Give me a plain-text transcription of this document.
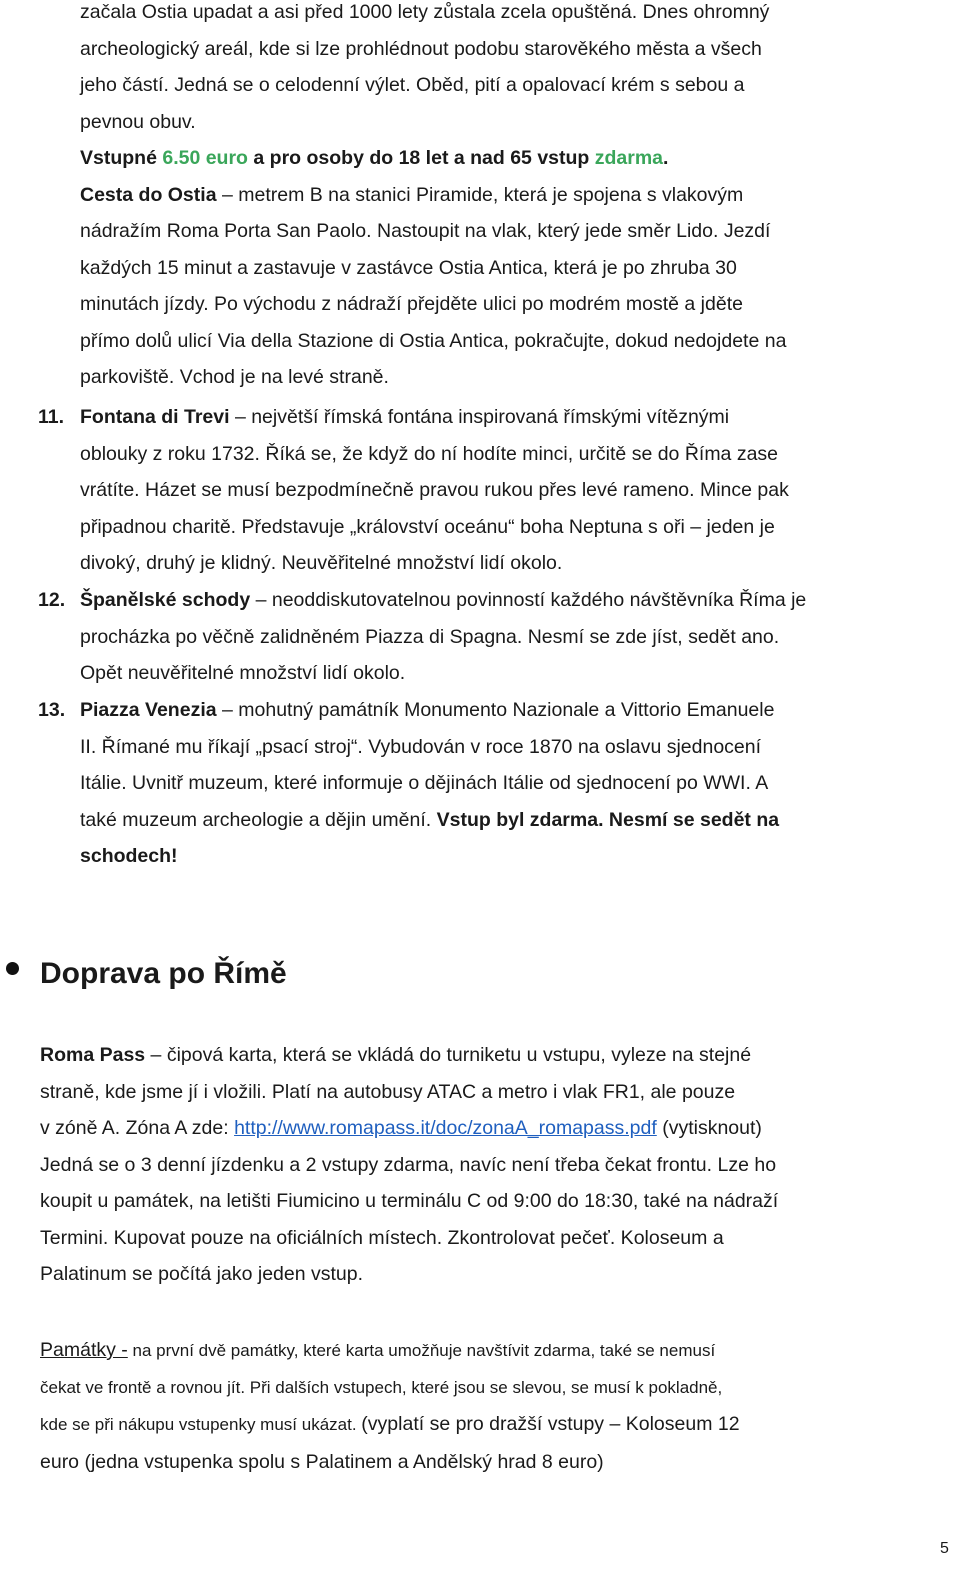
začala Ostia upadat a asi před 1000 lety zůstala zcela opuštěná. Dnes ohromný
archeologický areál, kde si lze prohlédnout podobu starověkého města a všech
jeho částí. Jedná se o celodenní výlet. Oběd, pití a opalovací krém s sebou a
pevnou obuv.
Vstupné 6.50 euro a pro osoby do 18 let a nad 65 vstup zdarma.
Cesta do Ostia – metrem B na stanici Piramide, která je spojena s vlakovým
nádražím Roma Porta San Paolo. Nastoupit na vlak, který jede směr Lido. Jezdí
každých 15 minut a zastavuje v zastávce Ostia Antica, která je po zhruba 30
minutách jízdy. Po východu z nádraží přejděte ulici po modrém mostě a jděte
přímo dolů ulicí Via della Stazione di Ostia Antica, pokračujte, dokud nedojdete na
parkoviště. Vchod je na levé straně.
11. Fontana di Trevi – největší římská fontána inspirovaná římskými vítěznými
oblouky z roku 1732. Říká se, že když do ní hodíte minci, určitě se do Říma zase
vrátíte. Házet se musí bezpodmínečně pravou rukou přes levé rameno. Mince pak
připadnou charitě. Představuje „království oceánu“ boha Neptuna s oři – jeden je
divoký, druhý je klidný. Neuvěřitelné množství lidí okolo.
12. Španělské schody – neoddiskutovatelnou povinností každého návštěvníka Říma je
procházka po věčně zalidněném Piazza di Spagna. Nesmí se zde jíst, sedět ano.
Opět neuvěřitelné množství lidí okolo.
13. Piazza Venezia – mohutný památník Monumento Nazionale a Vittorio Emanuele
II. Římané mu říkají „psací stroj“. Vybudován v roce 1870 na oslavu sjednocení
Itálie. Uvnitř muzeum, které informuje o dějinách Itálie od sjednocení po WWI. A
také muzeum archeologie a dějin umění. Vstup byl zdarma. Nesmí se sedět na
schodech!
Doprava po Římě
Roma Pass – čipová karta, která se vkládá do turniketu u vstupu, vyleze na stejné
straně, kde jsme jí i vložili. Platí na autobusy ATAC a metro i vlak FR1, ale pouze
v zóně A. Zóna A zde: http://www.romapass.it/doc/zonaA_romapass.pdf (vytisknout)
Jedná se o 3 denní jízdenku a 2 vstupy zdarma, navíc není třeba čekat frontu. Lze ho
koupit u památek, na letišti Fiumicino u terminálu C od 9:00 do 18:30, také na nádraží
Termini. Kupovat pouze na oficiálních místech. Zkontrolovat pečeť. Koloseum a
Palatinum se počítá jako jeden vstup.
Památky - na první dvě památky, které karta umožňuje navštívit zdarma, také se nemusí
čekat ve frontě a rovnou jít. Při dalších vstupech, které jsou se slevou, se musí k pokladně,
kde se při nákupu vstupenky musí ukázat. (vyplatí se pro dražší vstupy – Koloseum 12
euro (jedna vstupenka spolu s Palatinem a Andělský hrad 8 euro)
5
